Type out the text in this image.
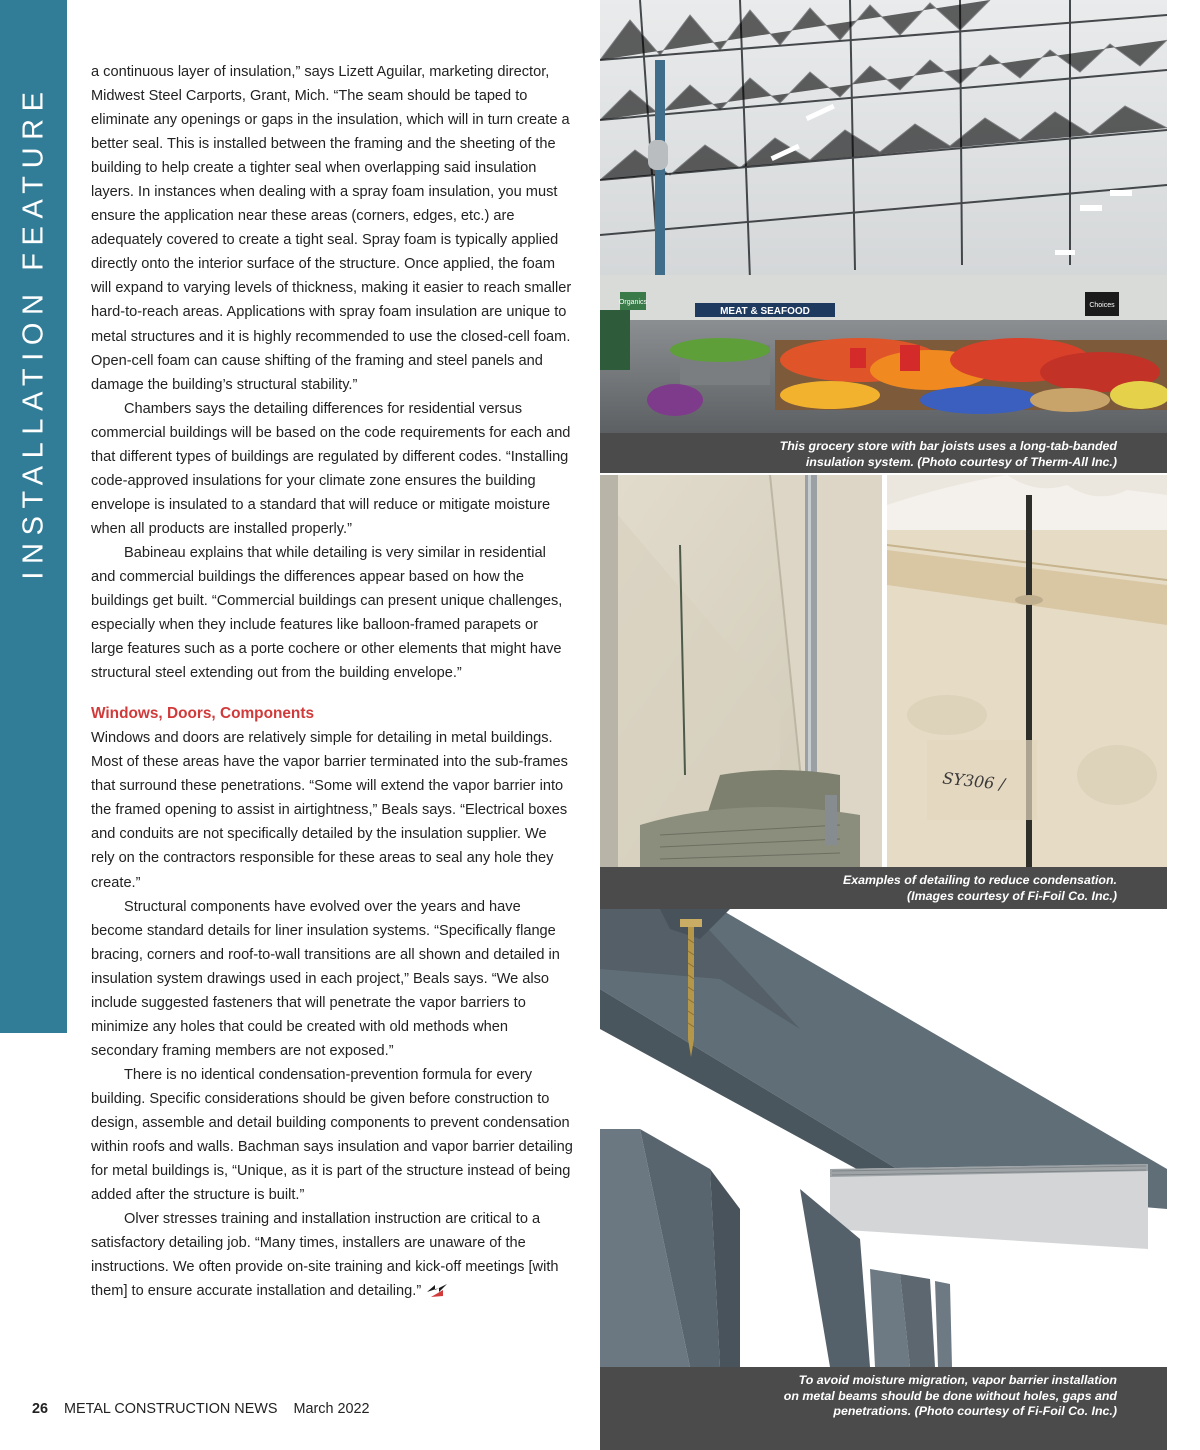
INSTALLATION FEATURE

a continuous layer of insulation,” says Lizett Aguilar, marketing director, Midwest Steel Carports, Grant, Mich. “The seam should be taped to eliminate any openings or gaps in the insulation, which will in turn create a better seal. This is installed between the framing and the sheeting of the building to help create a tighter seal when overlapping said insulation layers. In instances when dealing with a spray foam insulation, you must ensure the application near these areas (corners, edges, etc.) are adequately covered to create a tight seal. Spray foam is typically applied directly onto the interior surface of the structure. Once applied, the foam will expand to varying levels of thickness, making it easier to reach smaller hard-to-reach areas. Applications with spray foam insulation are unique to metal structures and it is highly recommended to use the closed-cell foam. Open-cell foam can cause shifting of the framing and steel panels and damage the building’s structural stability.”

Chambers says the detailing differences for residential versus commercial buildings will be based on the code requirements for each and that different types of buildings are regulated by different codes. “Installing code-approved insulations for your climate zone ensures the building envelope is insulated to a standard that will reduce or mitigate moisture when all products are installed properly.”

Babineau explains that while detailing is very similar in residential and commercial buildings the differences appear based on how the buildings get built. “Commercial buildings can present unique challenges, especially when they include features like balloon-framed parapets or large features such as a porte cochere or other elements that might have structural steel extending out from the building envelope.”

Windows, Doors, Components

Windows and doors are relatively simple for detailing in metal buildings. Most of these areas have the vapor barrier terminated into the sub-frames that surround these penetrations. “Some will extend the vapor barrier into the framed opening to assist in airtightness,” Beals says. “Electrical boxes and conduits are not specifically detailed by the insulation supplier. We rely on the contractors responsible for these areas to seal any hole they create.”

Structural components have evolved over the years and have become standard details for liner insulation systems. “Specifically flange bracing, corners and roof-to-wall transitions are all shown and detailed in insulation system drawings used in each project,” Beals says. “We also include suggested fasteners that will penetrate the vapor barriers to minimize any holes that could be created with old methods when secondary framing members are not exposed.”

There is no identical condensation-prevention formula for every building. Specific considerations should be given before construction to design, assemble and detail building components to prevent condensation within roofs and walls. Bachman says insulation and vapor barrier detailing for metal buildings is, “Unique, as it is part of the structure instead of being added after the structure is built.”

Olver stresses training and installation instruction are critical to a satisfactory detailing job. “Many times, installers are unaware of the instructions. We often provide on-site training and kick-off meetings [with them] to ensure accurate installation and detailing.”

26 METAL CONSTRUCTION NEWS March 2022
Organics
MEAT & SEAFOOD
Choices
This grocery store with bar joists uses a long-tab-banded
insulation system. (Photo courtesy of Therm-All Inc.)
SY306 /
Examples of detailing to reduce condensation.
(Images courtesy of Fi-Foil Co. Inc.)
To avoid moisture migration, vapor barrier installation
on metal beams should be done without holes, gaps and
penetrations. (Photo courtesy of Fi-Foil Co. Inc.)
